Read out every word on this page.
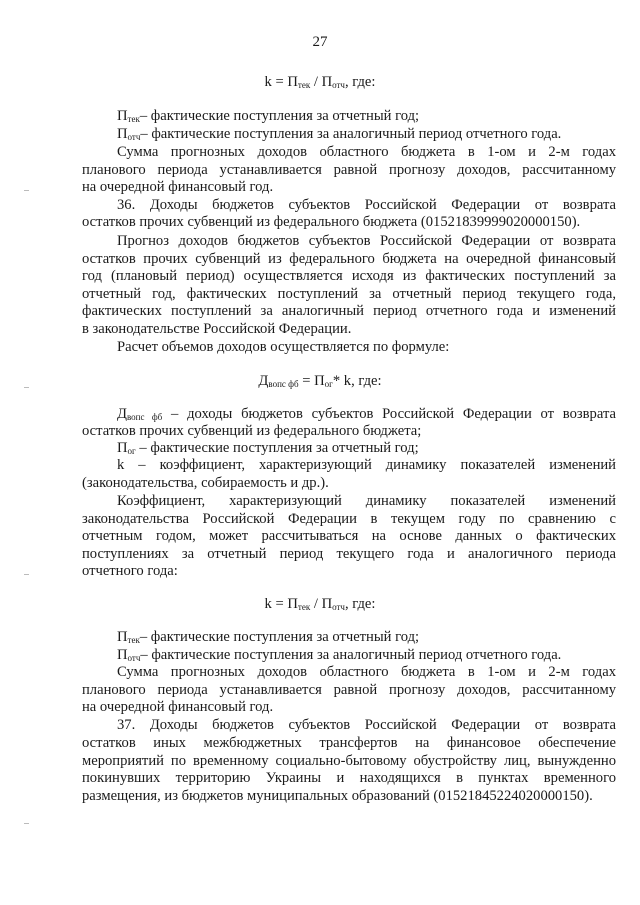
27
$k = П_{тек} / П_{отч}$, где:
$П_{тек}-$ фактические поступления за отчетный год;
$П_{отч}-$ фактические поступления за аналогичный период отчетного года.
Сумма прогнозных доходов областного бюджета в 1-ом и 2-м годах
планового периода устанавливается равной прогнозу доходов, рассчитанному
на очередной финансовый год.
36. Доходы бюджетов субъектов Российской Федерации от возврата
остатков прочих субвенций из федерального бюджета (01521839999020000150).
Прогноз доходов бюджетов субъектов Российской Федерации от возврата
остатков прочих субвенций из федерального бюджета на очередной финансовый
год (плановый период) осуществляется исходя из фактических поступлений за
отчетный год, фактических поступлений за отчетный период текущего года,
фактических поступлений за аналогичный период отчетного года и изменений
в законодательстве Российской Федерации.
Расчет объемов доходов осуществляется по формуле:
$Д_{вопс фб} = П_{ог}*$ k, где:
$Д_{вопс фб}$ – доходы бюджетов субъектов Российской Федерации от возврата
остатков прочих субвенций из федерального бюджета;
$П_{ог}$ – фактические поступления за отчетный год;
k – коэффициент, характеризующий динамику показателей изменений
(законодательства, собираемость и др.).
Коэффициент, характеризующий динамику показателей изменений
законодательства Российской Федерации в текущем году по сравнению с
отчетным годом, может рассчитываться на основе данных о фактических
поступлениях за отчетный период текущего года и аналогичного периода
отчетного года:
$k = П_{тек} / П_{отч}$, где:
$П_{тек}-$ фактические поступления за отчетный год;
$П_{отч}-$ фактические поступления за аналогичный период отчетного года.
Сумма прогнозных доходов областного бюджета в 1-ом и 2-м годах
планового периода устанавливается равной прогнозу доходов, рассчитанному
на очередной финансовый год.
37. Доходы бюджетов субъектов Российской Федерации от возврата
остатков иных межбюджетных трансфертов на финансовое обеспечение
мероприятий по временному социально-бытовому обустройству лиц, вынужденно
покинувших территорию Украины и находящихся в пунктах временного
размещения, из бюджетов муниципальных образований (01521845224020000150).
